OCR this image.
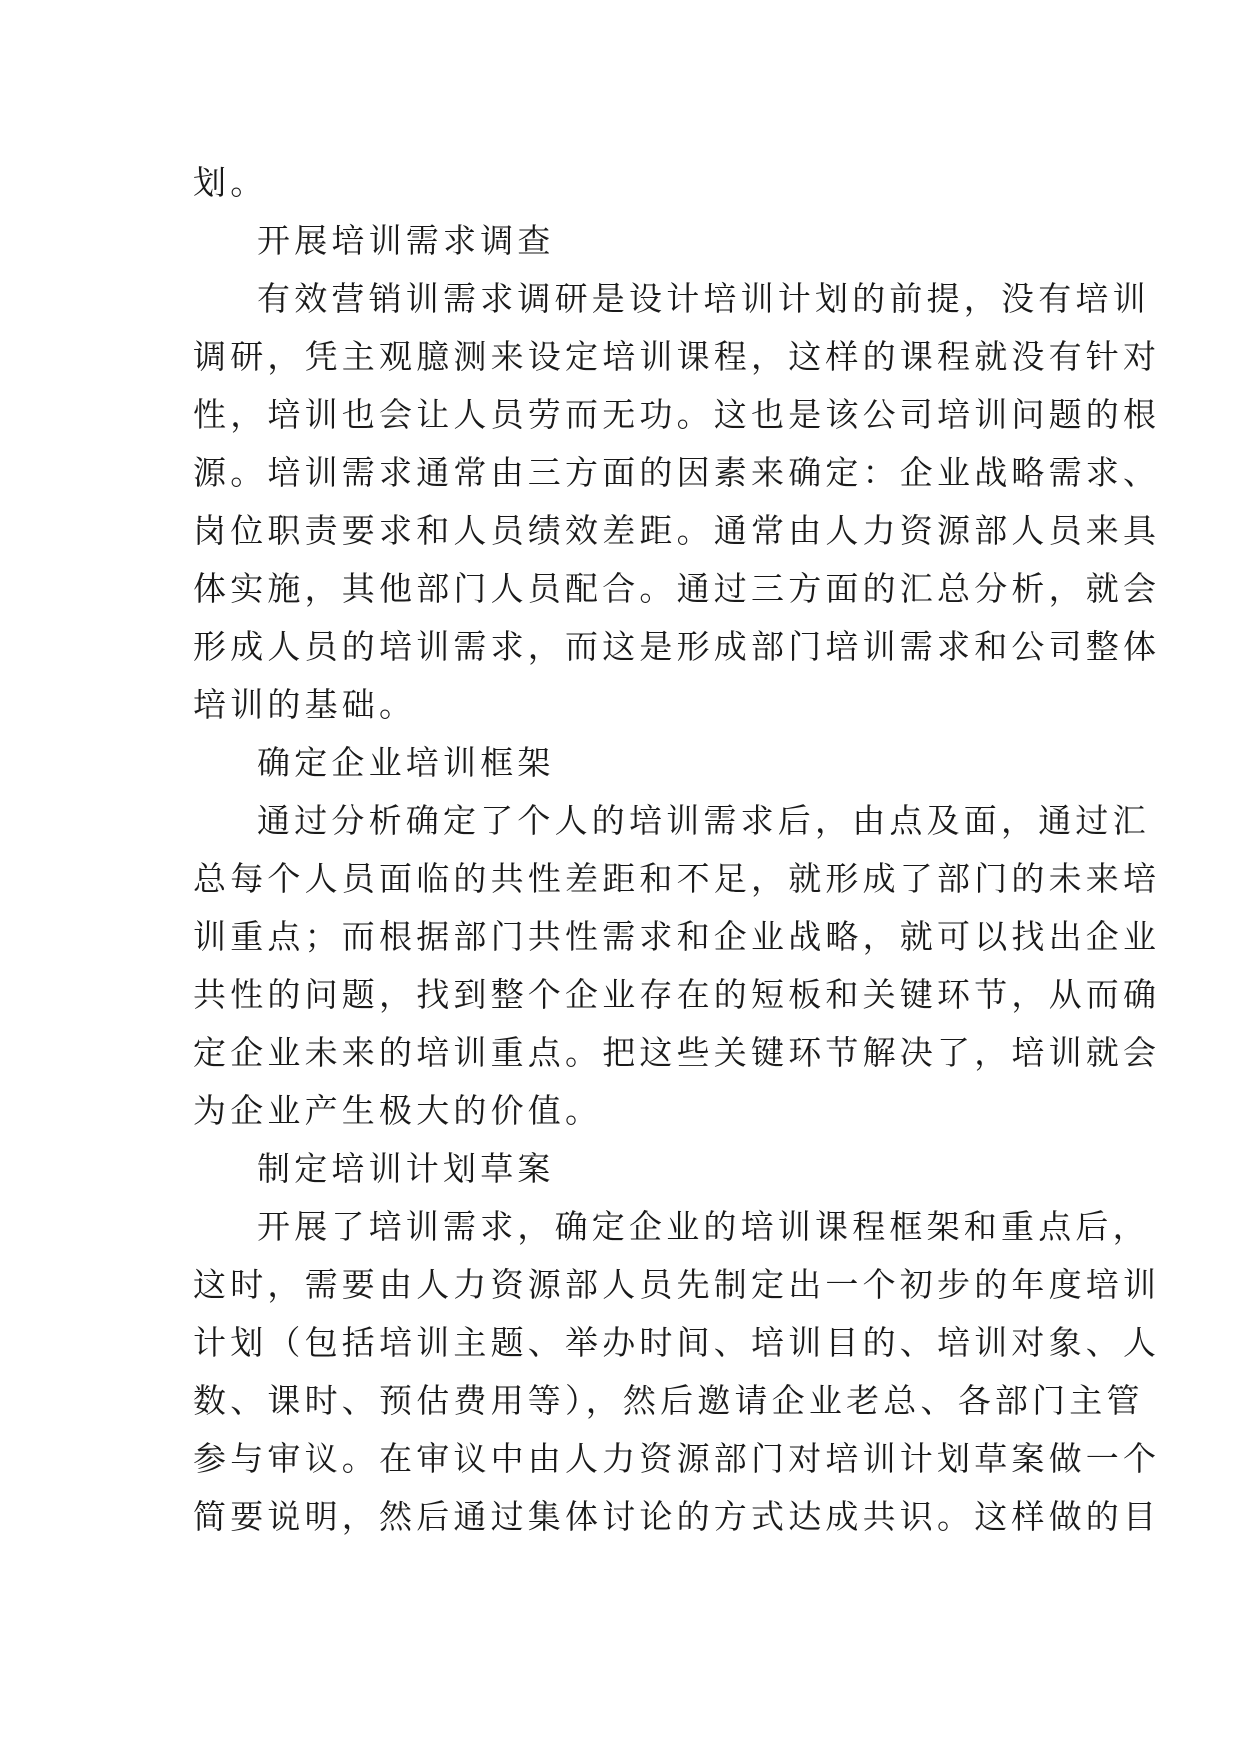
划。
开展培训需求调查
有效营销训需求调研是设计培训计划的前提，没有培训
调研，凭主观臆测来设定培训课程，这样的课程就没有针对
性，培训也会让人员劳而无功。这也是该公司培训问题的根
源。培训需求通常由三方面的因素来确定：企业战略需求、
岗位职责要求和人员绩效差距。通常由人力资源部人员来具
体实施，其他部门人员配合。通过三方面的汇总分析，就会
形成人员的培训需求，而这是形成部门培训需求和公司整体
培训的基础。
确定企业培训框架
通过分析确定了个人的培训需求后，由点及面，通过汇
总每个人员面临的共性差距和不足，就形成了部门的未来培
训重点；而根据部门共性需求和企业战略，就可以找出企业
共性的问题，找到整个企业存在的短板和关键环节，从而确
定企业未来的培训重点。把这些关键环节解决了，培训就会
为企业产生极大的价值。
制定培训计划草案
开展了培训需求，确定企业的培训课程框架和重点后，
这时，需要由人力资源部人员先制定出一个初步的年度培训
计划（包括培训主题、举办时间、培训目的、培训对象、人
数、课时、预估费用等），然后邀请企业老总、各部门主管
参与审议。在审议中由人力资源部门对培训计划草案做一个
简要说明，然后通过集体讨论的方式达成共识。这样做的目
